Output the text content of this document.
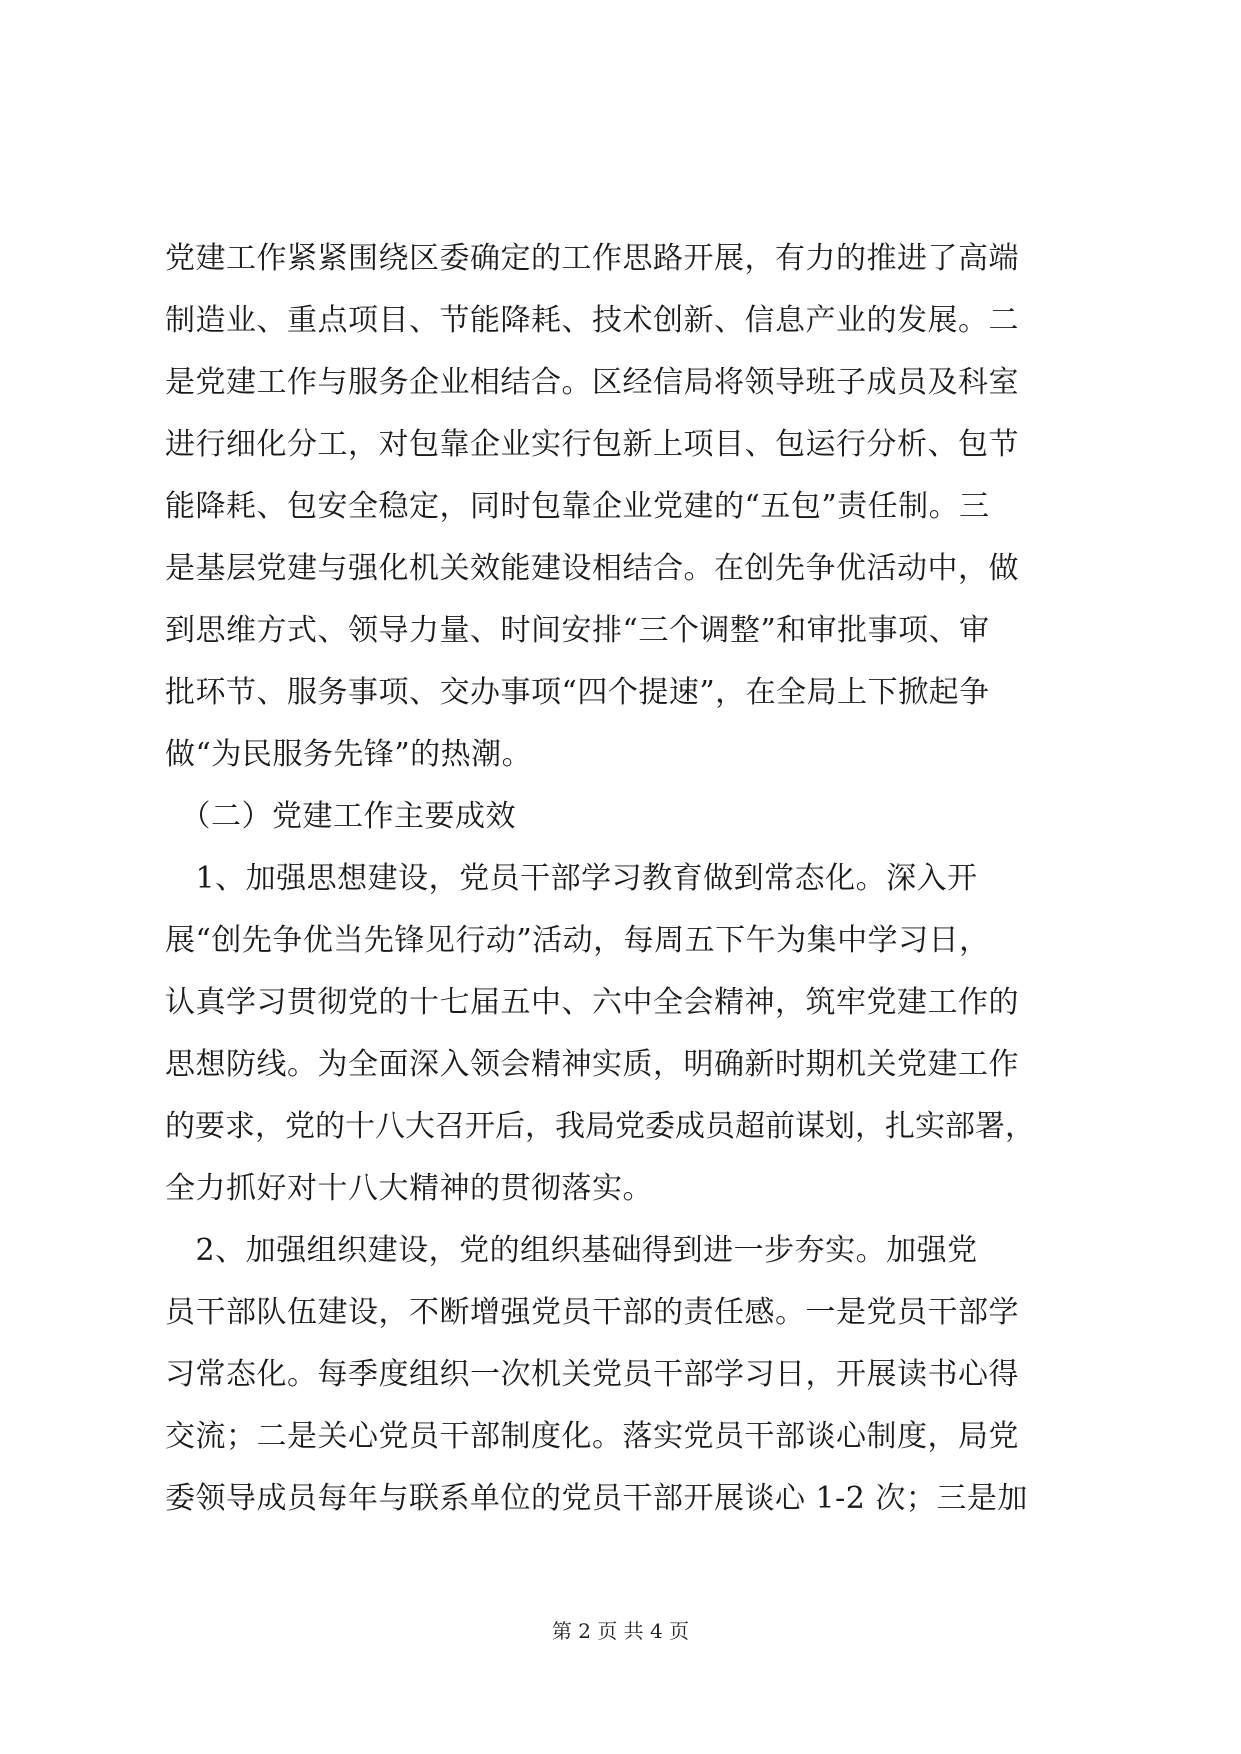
党建工作紧紧围绕区委确定的工作思路开展，有力的推进了高端
制造业、重点项目、节能降耗、技术创新、信息产业的发展。二
是党建工作与服务企业相结合。区经信局将领导班子成员及科室
进行细化分工，对包靠企业实行包新上项目、包运行分析、包节
能降耗、包安全稳定，同时包靠企业党建的“五包”责任制。三
是基层党建与强化机关效能建设相结合。在创先争优活动中，做
到思维方式、领导力量、时间安排“三个调整”和审批事项、审
批环节、服务事项、交办事项“四个提速”，在全局上下掀起争
做“为民服务先锋”的热潮。
　（二）党建工作主要成效
　1、加强思想建设，党员干部学习教育做到常态化。深入开
展“创先争优当先锋见行动”活动，每周五下午为集中学习日，
认真学习贯彻党的十七届五中、六中全会精神，筑牢党建工作的
思想防线。为全面深入领会精神实质，明确新时期机关党建工作
的要求，党的十八大召开后，我局党委成员超前谋划，扎实部署，
全力抓好对十八大精神的贯彻落实。
　2、加强组织建设，党的组织基础得到进一步夯实。加强党
员干部队伍建设，不断增强党员干部的责任感。一是党员干部学
习常态化。每季度组织一次机关党员干部学习日，开展读书心得
交流；二是关心党员干部制度化。落实党员干部谈心制度，局党
委领导成员每年与联系单位的党员干部开展谈心 1-2 次；三是加
第 2 页 共 4 页
